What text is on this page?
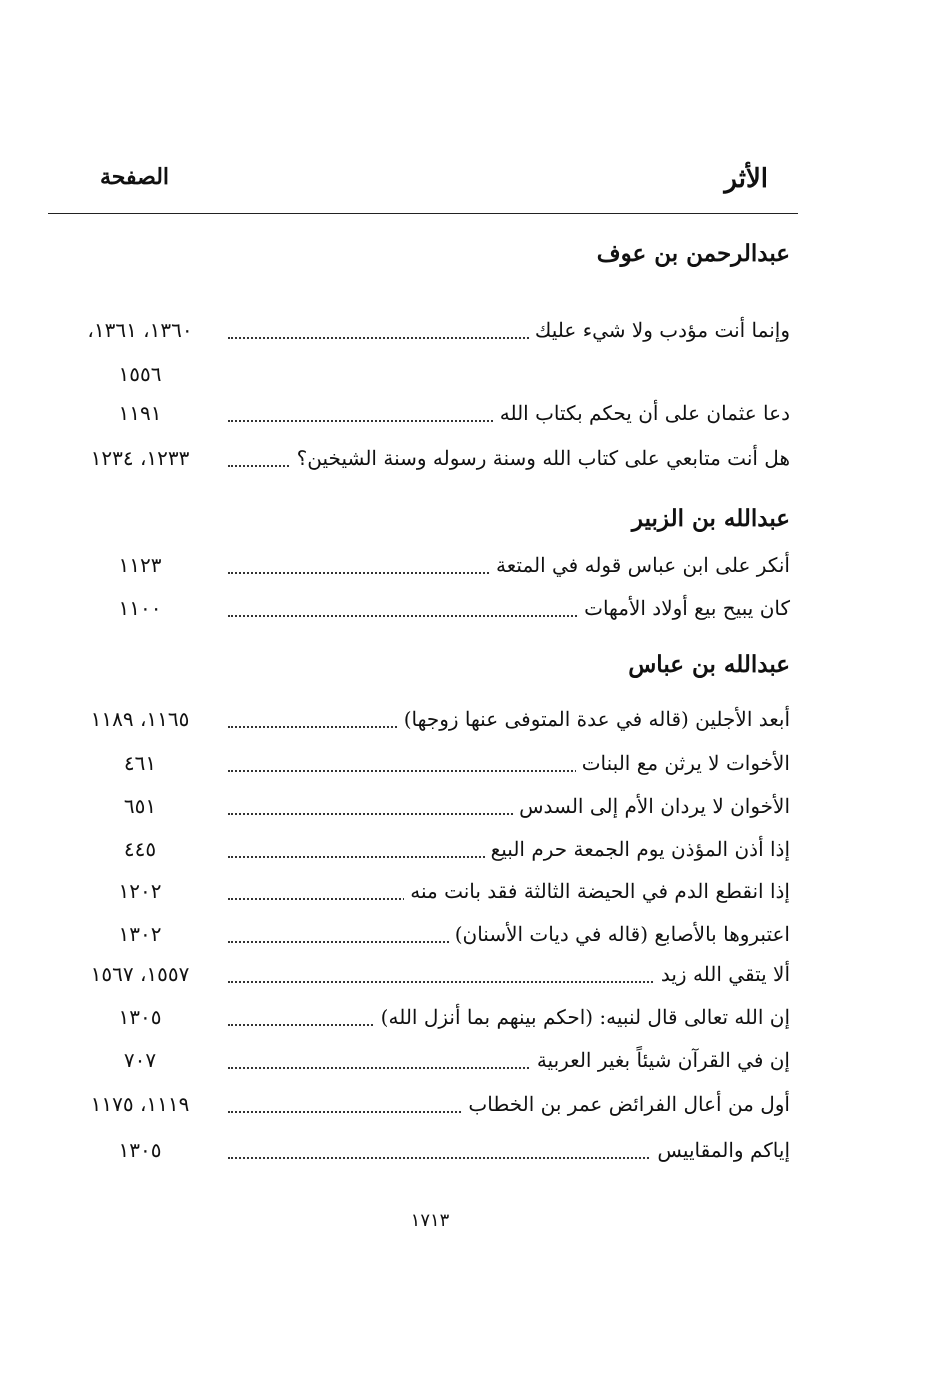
الأثر
الصفحة
عبدالرحمن بن عوف
وإنما أنت مؤدب ولا شيء عليك
١٣٦٠، ١٣٦١،
١٥٥٦
دعا عثمان على أن يحكم بكتاب الله
١١٩١
هل أنت متابعي على كتاب الله وسنة رسوله وسنة الشيخين؟
١٢٣٣، ١٢٣٤
عبدالله بن الزبير
أنكر على ابن عباس قوله في المتعة
١١٢٣
كان يبيح بيع أولاد الأمهات
١١٠٠
عبدالله بن عباس
أبعد الأجلين (قاله في عدة المتوفى عنها زوجها)
١١٦٥، ١١٨٩
الأخوات لا يرثن مع البنات
٤٦١
الأخوان لا يردان الأم إلى السدس
٦٥١
إذا أذن المؤذن يوم الجمعة حرم البيع
٤٤٥
إذا انقطع الدم في الحيضة الثالثة فقد بانت منه
١٢٠٢
اعتبروها بالأصابع (قاله في ديات الأسنان)
١٣٠٢
ألا يتقي الله زيد
١٥٥٧، ١٥٦٧
إن الله تعالى قال لنبيه: (احكم بينهم بما أنزل الله)
١٣٠٥
إن في القرآن شيئاً بغير العربية
٧٠٧
أول من أعال الفرائض عمر بن الخطاب
١١١٩، ١١٧٥
إياكم والمقاييس
١٣٠٥
١٧١٣
